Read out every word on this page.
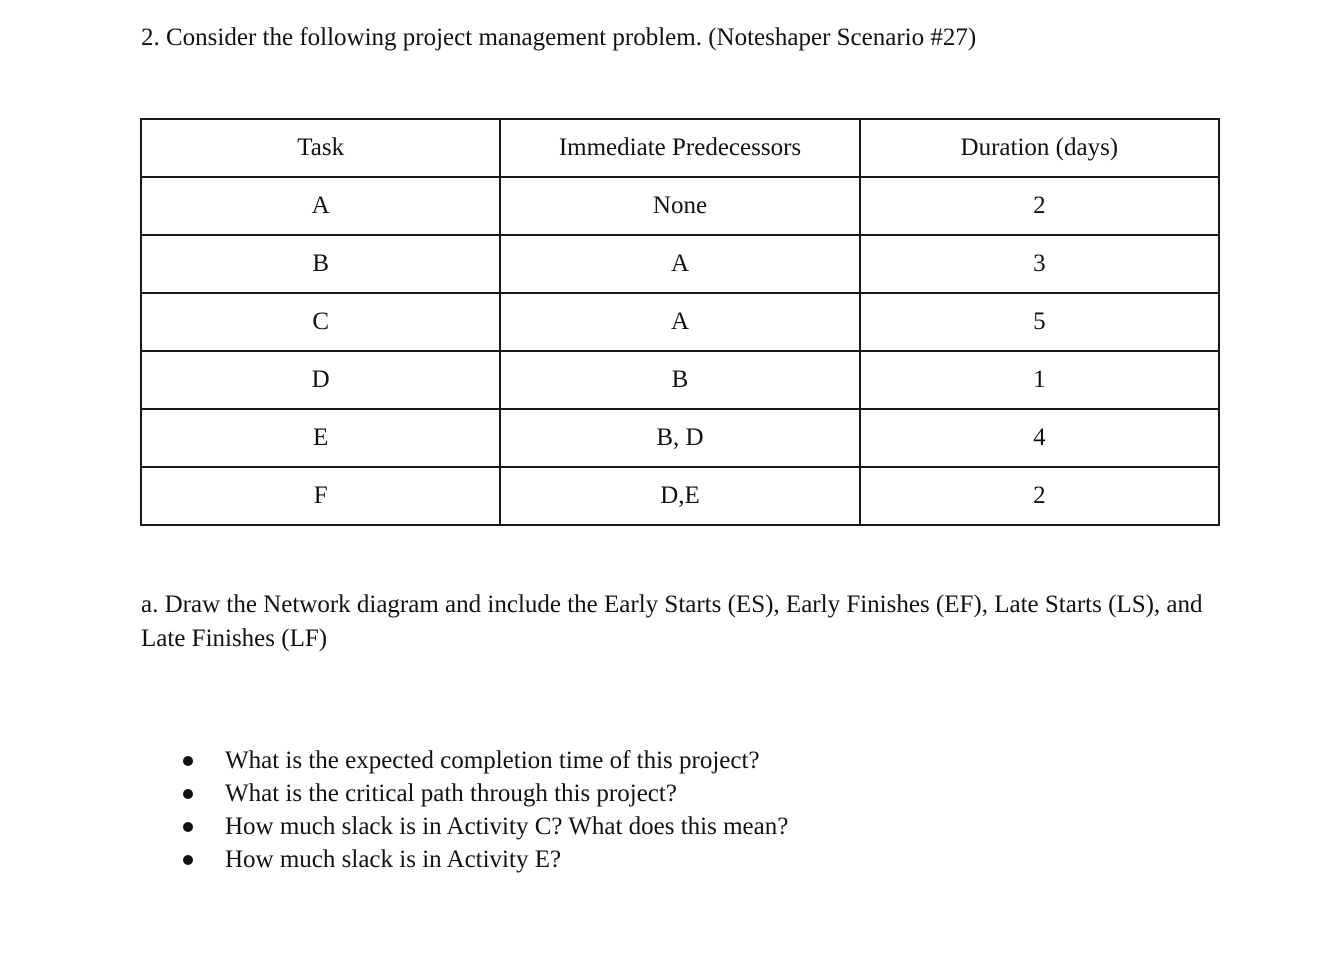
2. Consider the following project management problem. (Noteshaper Scenario #27)
Task	Immediate Predecessors	Duration (days)
A	None	2
B	A	3
C	A	5
D	B	1
E	B, D	4
F	D,E	2
a. Draw the Network diagram and include the Early Starts (ES), Early Finishes (EF), Late Starts (LS), and Late Finishes (LF)
What is the expected completion time of this project?
What is the critical path through this project?
How much slack is in Activity C? What does this mean?
How much slack is in Activity E?
